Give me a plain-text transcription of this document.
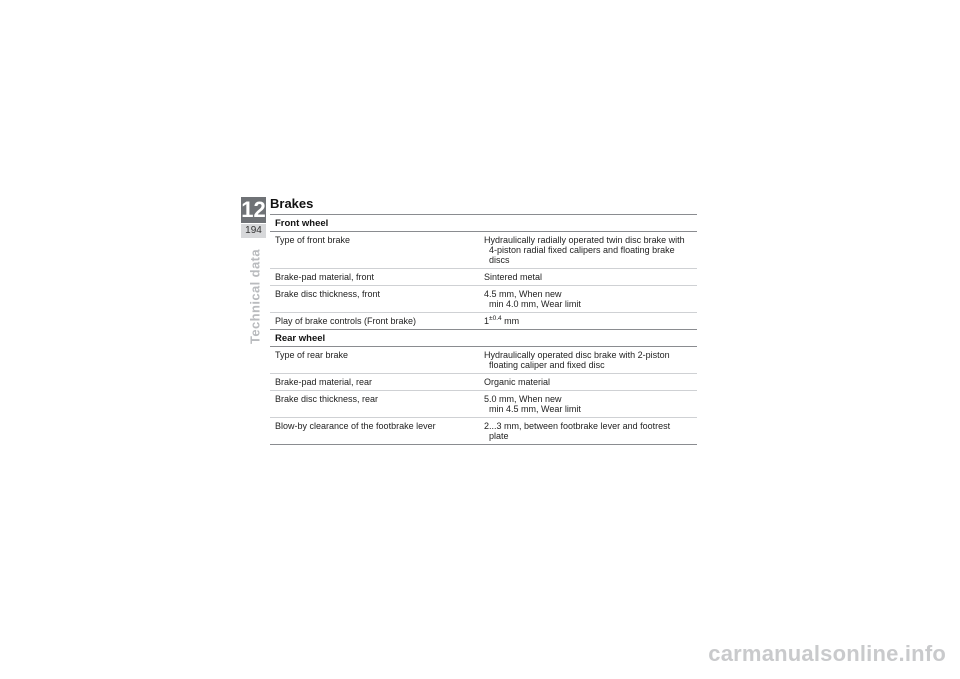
12
194
Technical data
Brakes
Front wheel
Type of front brake	Hydraulically radially operated twin disc brake with
4-piston radial fixed calipers and floating brake
discs
Brake-pad material, front	Sintered metal
Brake disc thickness, front	4.5 mm, When new
min 4.0 mm, Wear limit
Play of brake controls (Front brake)	$1^{\pm 0.4}$ mm
Rear wheel
Type of rear brake	Hydraulically operated disc brake with 2-piston
floating caliper and fixed disc
Brake-pad material, rear	Organic material
Brake disc thickness, rear	5.0 mm, When new
min 4.5 mm, Wear limit
Blow-by clearance of the footbrake lever	2...3 mm, between footbrake lever and footrest
plate
carmanualsonline.info
